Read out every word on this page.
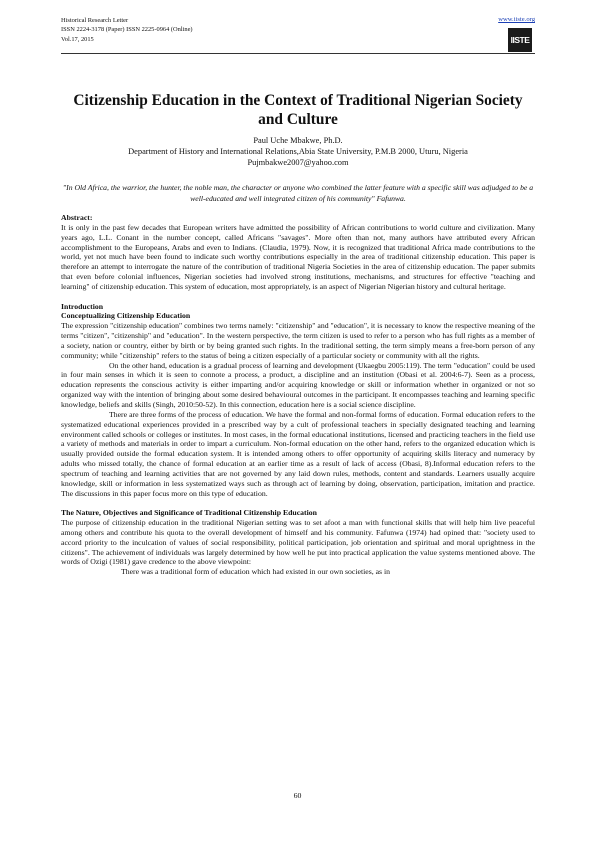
Historical Research Letter
ISSN 2224-3178 (Paper) ISSN 2225-0964 (Online)
Vol.17, 2015
www.iiste.org
IISTE
Citizenship Education in the Context of Traditional Nigerian Society and Culture
Paul Uche Mbakwe, Ph.D.
Department of History and International Relations,Abia State University, P.M.B 2000, Uturu, Nigeria
Pujmbakwe2007@yahoo.com
"In Old Africa, the warrior, the hunter, the noble man, the character or anyone who combined the latter feature with a specific skill was adjudged to be a well-educated and well integrated citizen of his community" Fafunwa.

Abstract:

It is only in the past few decades that European writers have admitted the possibility of African contributions to world culture and civilization. Many years ago, L.L. Conant in the number concept, called Africans "savages". More often than not, many authors have attributed every African accomplishment to the Europeans, Arabs and even to Indians. (Claudia, 1979). Now, it is recognized that traditional Africa made contributions to the world, yet not much have been found to indicate such worthy contributions especially in the area of traditional citizenship education. This paper is therefore an attempt to interrogate the nature of the contribution of traditional Nigeria Societies in the area of citizenship education. The paper submits that even before colonial influences, Nigerian societies had involved strong institutions, mechanisms, and structures for effective "teaching and learning" of citizenship education. This system of education, most appropriately, is an aspect of Nigerian Nigerian history and cultural heritage.

Introduction

Conceptualizing Citizenship Education

The expression "citizenship education" combines two terms namely: "citizenship" and "education", it is necessary to know the respective meaning of the terms "citizen", "citizenship" and "education". In the western perspective, the term citizen is used to refer to a person who has full rights as a member of a society, nation or country, either by birth or by being granted such rights. In the traditional setting, the term simply means a free-born person of any community; while "citizenship" refers to the status of being a citizen especially of a particular society or community with all the rights.

On the other hand, education is a gradual process of learning and development (Ukaegbu 2005:119). The term "education" could be used in four main senses in which it is seen to connote a process, a product, a discipline and an institution (Obasi et al. 2004:6-7). Seen as a process, education represents the conscious activity is either imparting and/or acquiring knowledge or skill or information whether in organized or not so organized way with the intention of bringing about some desired behavioural outcomes in the participant. It encompasses teaching and learning specific knowledge, beliefs and skills (Singh, 2010:50-52). In this connection, education here is a social science discipline.

There are three forms of the process of education. We have the formal and non-formal forms of education. Formal education refers to the systematized educational experiences provided in a prescribed way by a cult of professional teachers in specially designated teaching and learning environment called schools or colleges or institutes. In most cases, in the formal educational institutions, licensed and practicing teachers in the field use a variety of methods and materials in order to impart a curriculum. Non-formal education on the other hand, refers to the organized education which is usually provided outside the formal education system. It is intended among others to offer opportunity of acquiring skills literacy and numeracy by adults who missed totally, the chance of formal education at an earlier time as a result of lack of access (Obasi, 8).Informal education refers to the spectrum of teaching and learning activities that are not governed by any laid down rules, methods, content and standards. Learners usually acquire knowledge, skill or information in less systematized ways such as through act of learning by doing, observation, participation, imitation and practice. The discussions in this paper focus more on this type of education.

The Nature, Objectives and Significance of Traditional Citizenship Education

The purpose of citizenship education in the traditional Nigerian setting was to set afoot a man with functional skills that will help him live peaceful among others and contribute his quota to the overall development of himself and his community. Fafunwa (1974) had opined that: "society used to accord priority to the inculcation of values of social responsibility, political participation, job orientation and spiritual and moral uprightness in the citizens". The achievement of individuals was largely determined by how well he put into practical application the value systems mentioned above. The words of Ozigi (1981) gave credence to the above viewpoint:

There was a traditional form of education which had existed in our own societies, as in

60
